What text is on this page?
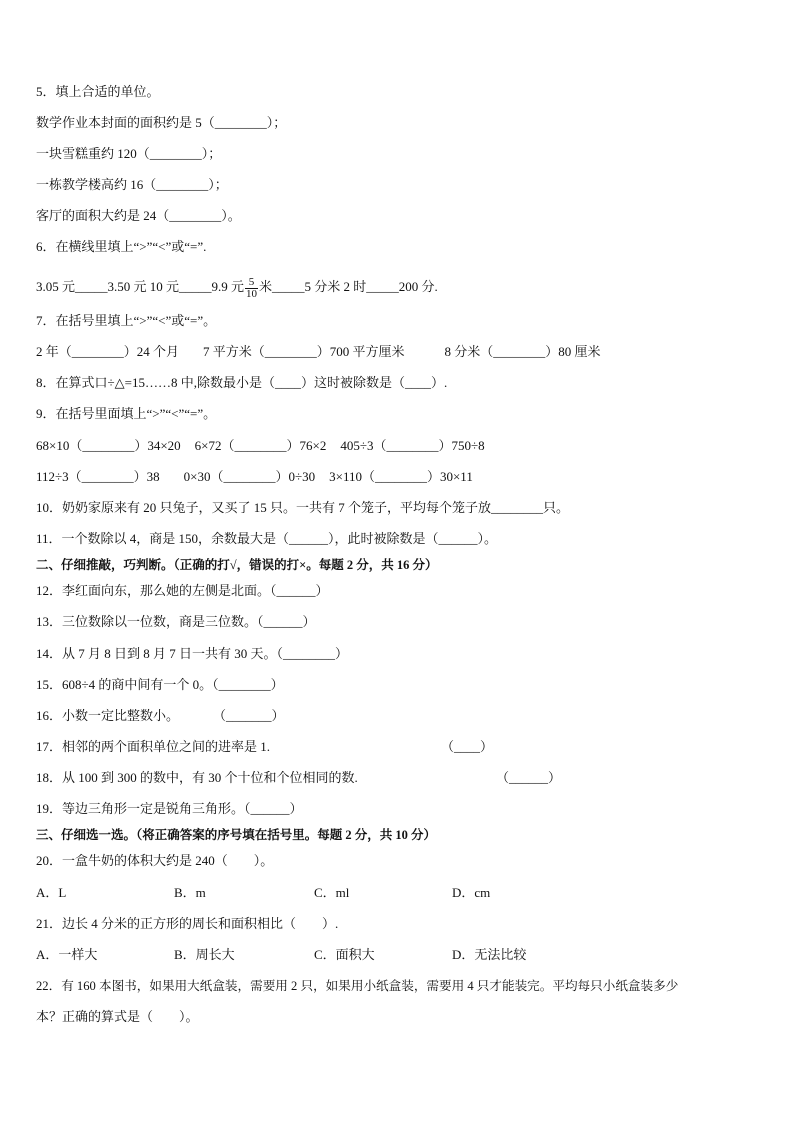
5．填上合适的单位。
数学作业本封面的面积约是 5（________）；
一块雪糕重约 120（________）；
一栋教学楼高约 16（________）；
客厅的面积大约是 24（________）。
6．在横线里填上“>”“<”或“=”.
3.05 元_____3.50 元 10 元_____9.9 元 $\frac{5}{10}$ 米_____5 分米 2 时_____200 分.
7．在括号里填上“>”“<”或“=”。
2 年（________）24 个月 7 平方米（________）700 平方厘米	8 分米（________）80 厘米
8．在算式口÷△=15……8 中,除数最小是（____）这时被除数是（____）.
9．在括号里面填上“>”“<”“=”。
68×10（________）34×20 6×72（________）76×2 405÷3（________）750÷8
112÷3（________）38 0×30（________）0÷30 3×110（________）30×11
10．奶奶家原来有 20 只兔子，又买了 15 只。一共有 7 个笼子，平均每个笼子放________只。
11．一个数除以 4，商是 150，余数最大是（______），此时被除数是（______）。
二、仔细推敲，巧判断。（正确的打√，错误的打×。每题 2 分，共 16 分）
12．李红面向东，那么她的左侧是北面。（______）
13．三位数除以一位数，商是三位数。（______）
14．从 7 月 8 日到 8 月 7 日一共有 30 天。（________）
15．608÷4 的商中间有一个 0。（________）
16．小数一定比整数小。	（_______）
17．相邻的两个面积单位之间的进率是 1.	（____）
18．从 100 到 300 的数中，有 30 个十位和个位相同的数.	（______）
19．等边三角形一定是锐角三角形。（______）
三、仔细选一选。（将正确答案的序号填在括号里。每题 2 分，共 10 分）
20．一盒牛奶的体积大约是 240（　　）。
A．L	B．m	C．ml	D．cm
21．边长 4 分米的正方形的周长和面积相比（　　）.
A．一样大	B．周长大	C．面积大	D．无法比较
22．有 160 本图书，如果用大纸盒装，需要用 2 只，如果用小纸盒装，需要用 4 只才能装完。平均每只小纸盒装多少
本？正确的算式是（　　）。
